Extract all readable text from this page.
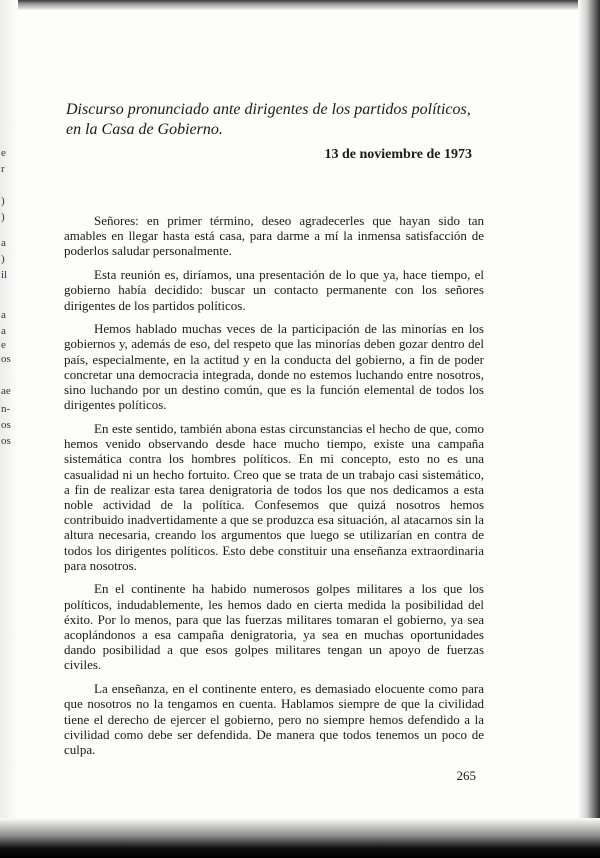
e
r
)
)
a
)
il
a
a
e
os
ae
n-
os
os
Discurso pronunciado ante dirigentes de los partidos políticos, en la Casa de Gobierno.
13 de noviembre de 1973

Señores: en primer término, deseo agradecerles que hayan sido tan amables en llegar hasta está casa, para darme a mí la inmensa satisfacción de poderlos saludar personalmente.

Esta reunión es, diríamos, una presentación de lo que ya, hace tiempo, el gobierno había decidido: buscar un contacto permanente con los señores dirigentes de los partidos políticos.

Hemos hablado muchas veces de la participación de las minorías en los gobiernos y, además de eso, del respeto que las minorías deben gozar dentro del país, especialmente, en la actitud y en la conducta del gobierno, a fin de poder concretar una democracia integrada, donde no estemos luchando entre nosotros, sino luchando por un destino común, que es la función elemental de todos los dirigentes políticos.

En este sentido, también abona estas circunstancias el hecho de que, como hemos venido observando desde hace mucho tiempo, existe una campaña sistemática contra los hombres políticos. En mi concepto, esto no es una casualidad ni un hecho fortuito. Creo que se trata de un trabajo casi sistemático, a fin de realizar esta tarea denigratoria de todos los que nos dedicamos a esta noble actividad de la política. Confesemos que quizá nosotros hemos contribuido inadvertidamente a que se produzca esa situación, al atacarnos sin la altura necesaria, creando los argumentos que luego se utilizarían en contra de todos los dirigentes políticos. Esto debe constituir una enseñanza extraordinaria para nosotros.

En el continente ha habido numerosos golpes militares a los que los políticos, indudablemente, les hemos dado en cierta medida la posibilidad del éxito. Por lo menos, para que las fuerzas militares tomaran el gobierno, ya sea acoplándonos a esa campaña denigratoria, ya sea en muchas oportunidades dando posibilidad a que esos golpes militares tengan un apoyo de fuerzas civiles.

La enseñanza, en el continente entero, es demasiado elocuente como para que nosotros no la tengamos en cuenta. Hablamos siempre de que la civilidad tiene el derecho de ejercer el gobierno, pero no siempre hemos defendido a la civilidad como debe ser defendida. De manera que todos tenemos un poco de culpa.

265
